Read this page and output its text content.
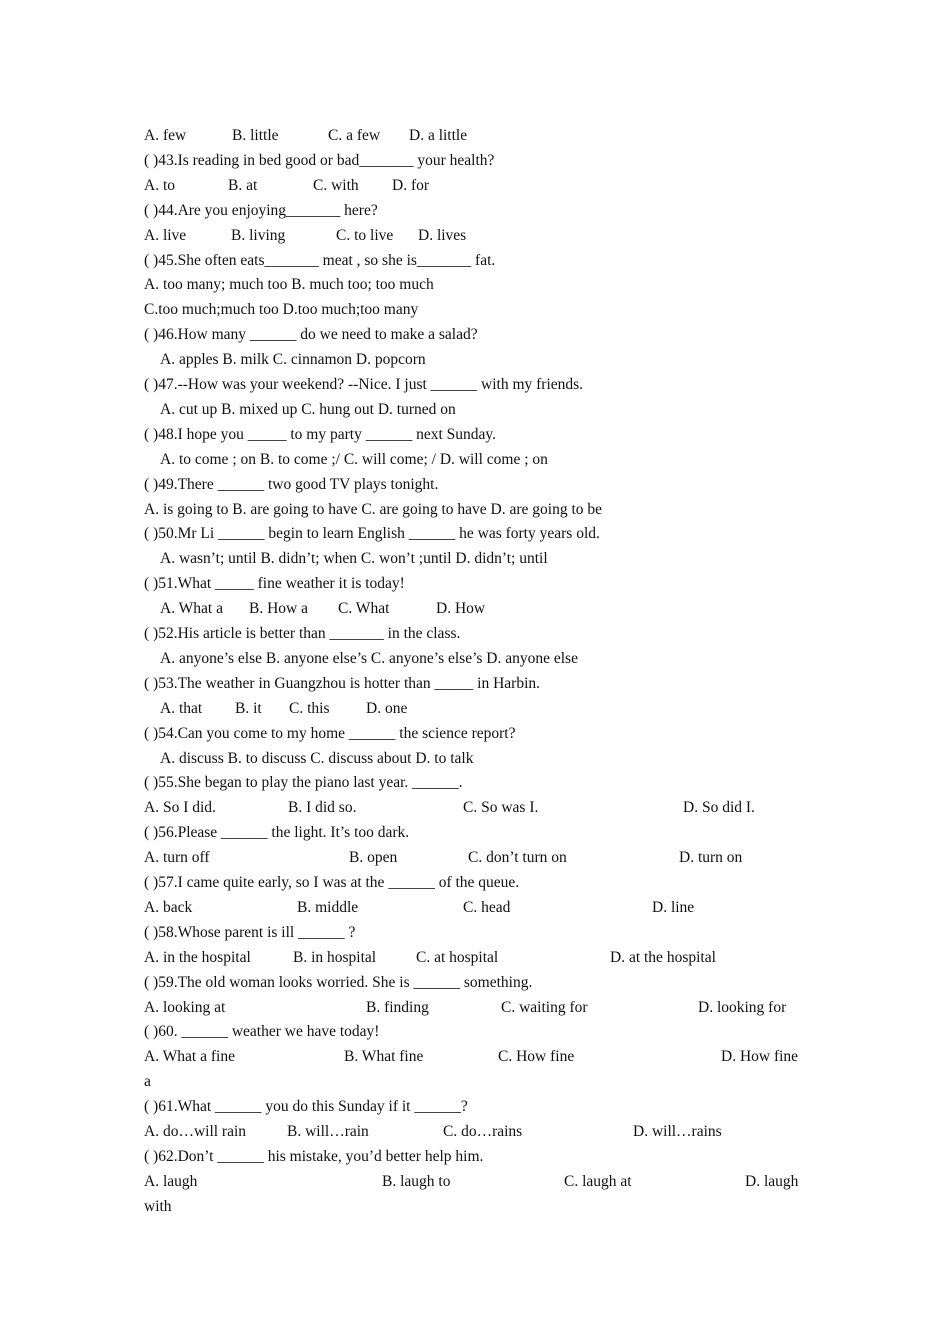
A. few	B. little	C. a few D. a little
( )43.Is reading in bed good or bad_______ your health?
A. to	B. at	C. with D. for
( )44.Are you enjoying_______ here?
A. live	B. living	C. to live D. lives
( )45.She often eats_______ meat , so she is_______ fat.
A. too many; much too B. much too; too much
C.too much;much too D.too much;too many
( )46.How many ______ do we need to make a salad?
A. apples B. milk C. cinnamon D. popcorn
( )47.--How was your weekend? --Nice. I just ______ with my friends.
A. cut up B. mixed up C. hung out D. turned on
( )48.I hope you _____ to my party ______ next Sunday.
A. to come ; on B. to come ;/ C. will come; / D. will come ; on
( )49.There ______ two good TV plays tonight.
A. is going to B. are going to have C. are going to have D. are going to be
( )50.Mr Li ______ begin to learn English ______ he was forty years old.
A. wasn’t; until B. didn’t; when C. won’t ;until D. didn’t; until
( )51.What _____ fine weather it is today!
A. What a B. How a C. What	D. How
( )52.His article is better than _______ in the class.
A. anyone’s else B. anyone else’s C. anyone’s else’s D. anyone else
( )53.The weather in Guangzhou is hotter than _____ in Harbin.
A. that B. it C. this D. one
( )54.Can you come to my home ______ the science report?
A. discuss B. to discuss C. discuss about D. to talk
( )55.She began to play the piano last year. ______.
A. So I did.	B. I did so.	C. So was I.	D. So did I.
( )56.Please ______ the light. It’s too dark.
A. turn off	B. open	C. don’t turn on	D. turn on
( )57.I came quite early, so I was at the ______ of the queue.
A. back	B. middle	C. head	D. line
( )58.Whose parent is ill ______ ?
A. in the hospital	B. in hospital	C. at hospital	D. at the hospital
( )59.The old woman looks worried. She is ______ something.
A. looking at	B. finding	C. waiting for	D. looking for
( )60. ______ weather we have today!
A. What a fine	B. What fine	C. How fine	D. How fine
a
( )61.What ______ you do this Sunday if it ______?
A. do…will rain	B. will…rain	C. do…rains	D. will…rains
( )62.Don’t ______ his mistake, you’d better help him.
A. laugh	B. laugh to	C. laugh at	D. laugh
with
